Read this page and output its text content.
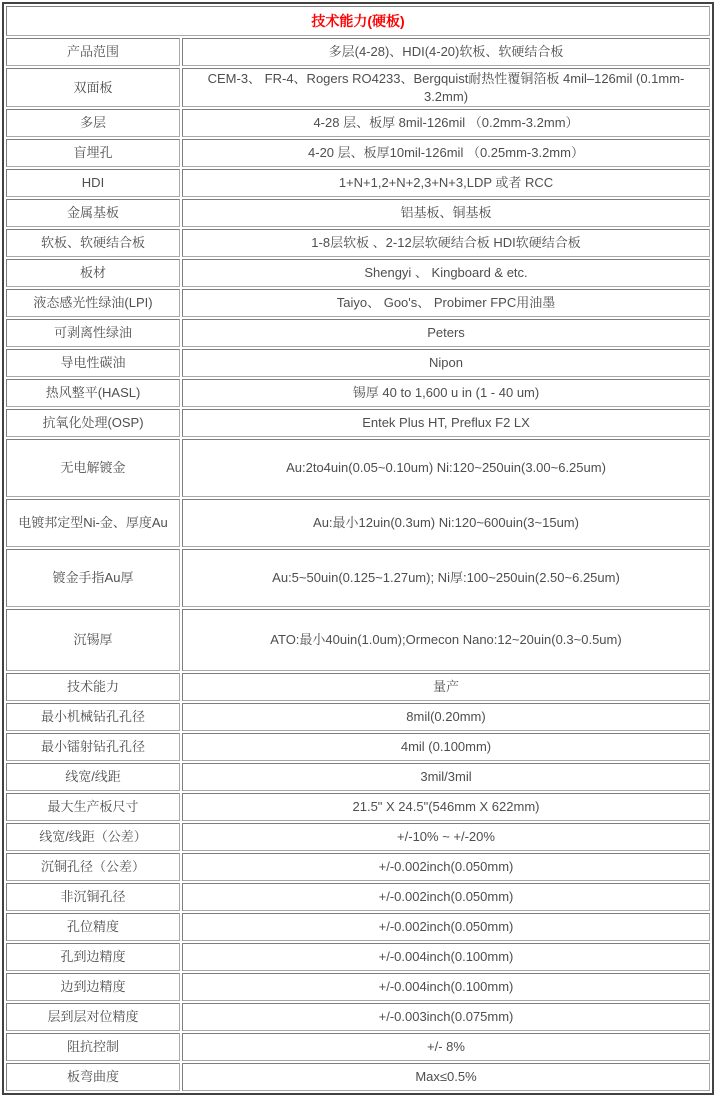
技术能力(硬板)	
产品范围	多层(4-28)、HDI(4-20)软板、软硬结合板
双面板	CEM-3、 FR-4、Rogers RO4233、Bergquist耐热性覆铜箔板 4mil–126mil (0.1mm-3.2mm)
多层	4-28 层、板厚 8mil-126mil （0.2mm-3.2mm）
盲埋孔	4-20 层、板厚10mil-126mil （0.25mm-3.2mm）
HDI	1+N+1,2+N+2,3+N+3,LDP 或者 RCC
金属基板	铝基板、铜基板
软板、软硬结合板	1-8层软板 、2-12层软硬结合板 HDI软硬结合板
板材	Shengyi 、 Kingboard & etc.
液态感光性绿油(LPI)	Taiyo、 Goo's、 Probimer FPC用油墨
可剥离性绿油	Peters
导电性碳油	Nipon
热风整平(HASL)	锡厚 40 to 1,600 u in (1 - 40 um)
抗氧化处理(OSP)	Entek Plus HT, Preflux F2 LX
无电解镀金	Au:2to4uin(0.05~0.10um) Ni:120~250uin(3.00~6.25um)
电镀邦定型Ni-金、厚度Au	Au:最小12uin(0.3um) Ni:120~600uin(3~15um)
镀金手指Au厚	Au:5~50uin(0.125~1.27um); Ni厚:100~250uin(2.50~6.25um)
沉锡厚	ATO:最小40uin(1.0um);Ormecon Nano:12~20uin(0.3~0.5um)
技术能力	量产
最小机械钻孔孔径	8mil(0.20mm)
最小镭射钻孔孔径	4mil (0.100mm)
线宽/线距	3mil/3mil
最大生产板尺寸	21.5" X 24.5"(546mm X 622mm)
线宽/线距（公差）	+/-10% ~ +/-20%
沉铜孔径（公差）	+/-0.002inch(0.050mm)
非沉铜孔径	+/-0.002inch(0.050mm)
孔位精度	+/-0.002inch(0.050mm)
孔到边精度	+/-0.004inch(0.100mm)
边到边精度	+/-0.004inch(0.100mm)
层到层对位精度	+/-0.003inch(0.075mm)
阻抗控制	+/- 8%
板弯曲度	Max≤0.5%
